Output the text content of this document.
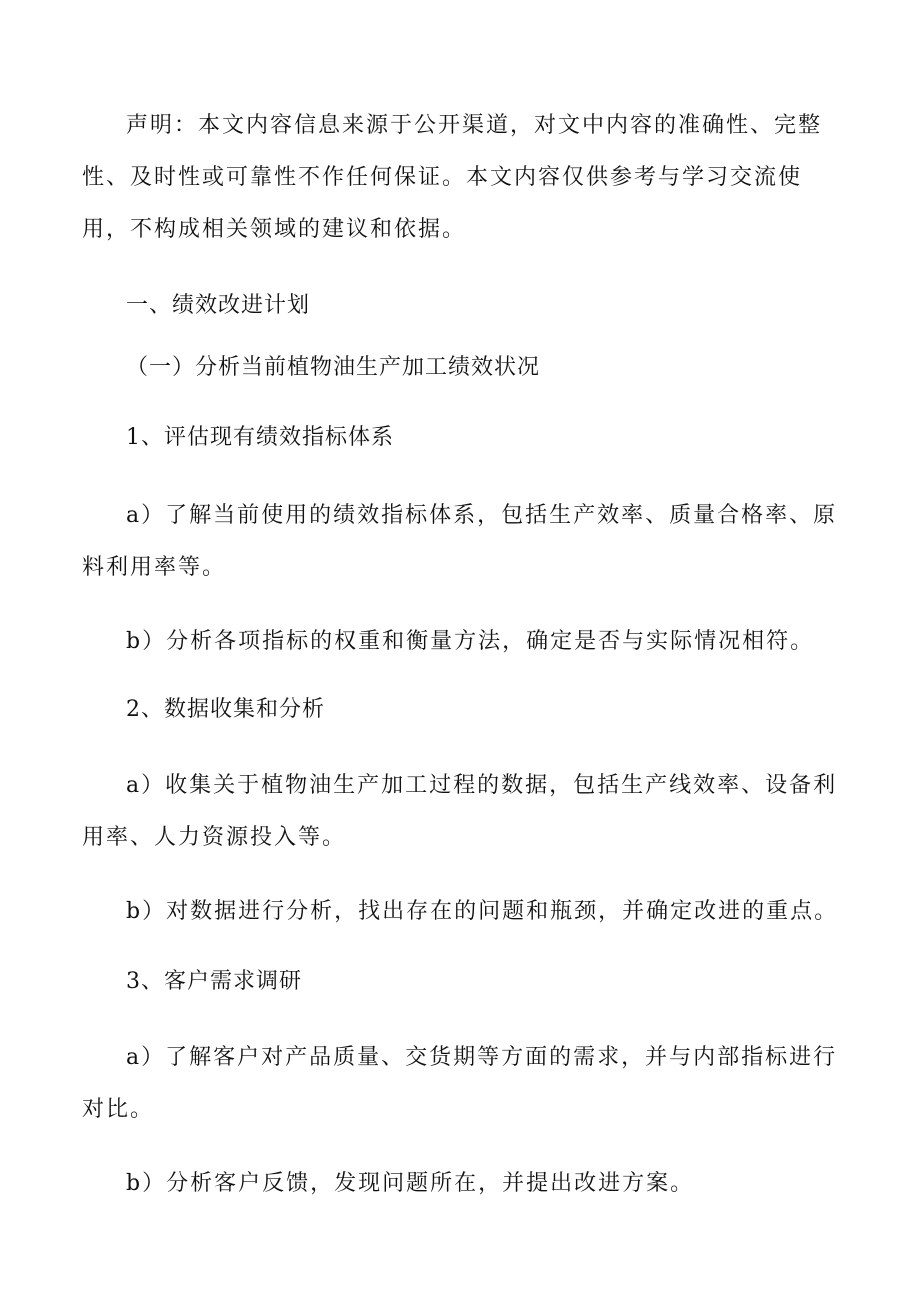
声明：本文内容信息来源于公开渠道，对文中内容的准确性、完整性、及时性或可靠性不作任何保证。本文内容仅供参考与学习交流使用，不构成相关领域的建议和依据。

一、绩效改进计划

（一）分析当前植物油生产加工绩效状况

1、评估现有绩效指标体系

a）了解当前使用的绩效指标体系，包括生产效率、质量合格率、原料利用率等。

b）分析各项指标的权重和衡量方法，确定是否与实际情况相符。

2、数据收集和分析

a）收集关于植物油生产加工过程的数据，包括生产线效率、设备利用率、人力资源投入等。

b）对数据进行分析，找出存在的问题和瓶颈，并确定改进的重点。

3、客户需求调研

a）了解客户对产品质量、交货期等方面的需求，并与内部指标进行对比。

b）分析客户反馈，发现问题所在，并提出改进方案。
